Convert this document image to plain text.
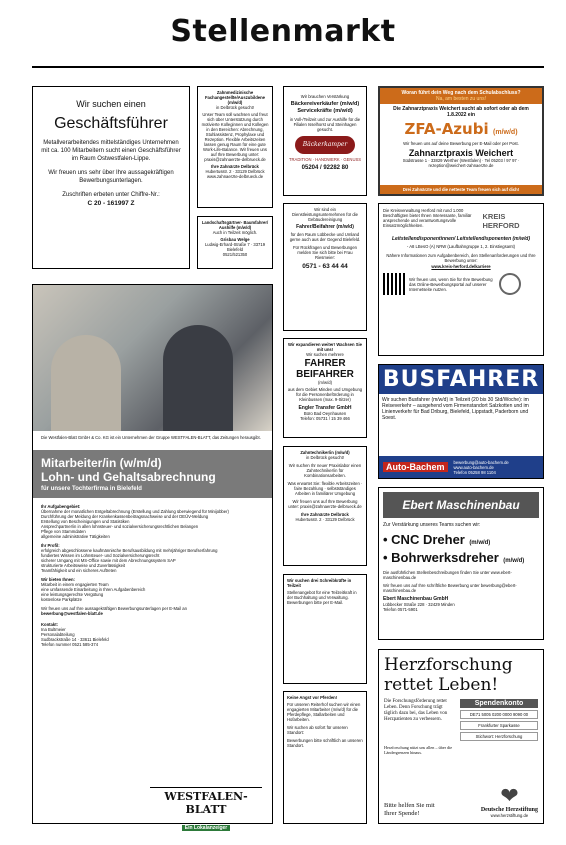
Stellenmarkt

Wir suchen einen

Geschäftsführer

Metallverarbeitendes mittelständiges Unternehmen mit ca. 100 Mitarbeitern sucht einen Geschäftsführer im Raum Ostwestfalen-Lippe.

Wir freuen uns sehr über Ihre aussagekräftigen Bewerbungsunterlagen.

Zuschriften erbeten unter Chiffre-Nr.:

C 20 - 161997 Z

Zahnmedizinische Fachangestellte/Auszubildene (m/w/d)

in Delbrück gesucht!

Unser Team soll wachsen und freut sich über Unterstützung durch motivierte Kolleginnen und Kollegen in den Bereichen: Abrechnung, Stuhlassistenz, Prophylaxe und Rezeption. Flexible Arbeitszeiten lassen genug Raum für eine gute Work-Life-Balance. Wir freuen uns auf Ihre Bewerbung unter: praxis@zahnaerzte-delbrueck.de

Ihre Zahnärzte Delbrück

Hubertusstr. 2 · 33129 Delbrück

www.zahnaerzte-delbrueck.de

Landschaftsgärtner- Baumfahrer/ Aushilfe (m/w/d)

Auch in Teilzeit möglich.

Grisbau Welge

Ludwig-Erhard-Straße 7 · 33719 Bielefeld

0521/521350

Wir brauchen Verstärkung

Bäckereiverkäufer (m/w/d) Servicekräfte (m/w/d)

in Voll-/Teilzeit und zur Aushilfe für die Filialen Isselhorst und Steinhagen gesucht.

Bäckerkamper

TRADITION · HANDWERK · GENUSS

05204 / 92282 80

Woran führt dein Weg nach dem Schulabschluss?

Na, am besten zu uns!

Die Zahnarztpraxis Weichert sucht ab sofort oder ab dem 1.8.2022 ein

ZFA-Azubi (m/w/d)

Wir freuen uns auf deine Bewerbung per E-Mail oder per Post.

Zahnarztpraxis Weichert

Südstrasse 1 · 33829 Werther (Westfalen) · Tel 05203 / 97 97 · rezeption@weichert-zahnaerzte.de

Drei Zahnärzte und die netteste Team freuen sich auf dich!

Wir sind ein Dienstleistungsunternehmen für die Gebäudereinigung

Fahrer/Beifahrer (m/w/d)

für den Raum Lübbecke und Umland gerne auch aus der Gegend Bielefeld.

Für Rückfragen und Bewerbungen melden Sie sich bitte bei Frau Riesmeier:

0571 - 63 44 44

Die Kreisverwaltung Herford mit rund 1.000 Beschäftigten bietet Ihnen Interessante, familiär ansprechende und verantwortungsvolle Einsatzmöglichkeiten.

KREIS HERFORD

Leitstellendisponentinnen/ Leitstellendisponenten (m/w/d)

- A8 LBesO (A) NRW (Laufbahngruppe 1, 2. Einstiegsamt)

Nähere Informationen zum Aufgabenbereich, den Stellenanforderungen und Ihre Bewerbung unter:

www.kreis-herford.de/karriere

Wir freuen uns, wenn Sie für Ihre Bewerbung das Online-Bewerbungsportal auf unserer Internetseite nutzen.

Wir expandieren weiter! Wachsen Sie mit uns!

Wir suchen mehrere

FAHRER

BEIFAHRER

(m/w/d)

aus dem Gebiet Minden und Umgebung für die Personenbeförderung in Kleinbussen (max. 9-Sitzer)

Engler Transfer GmbH

Büro Bad Oeynhausen

Telefon: 05731 / 15 39 466

Die Westfalen-Blatt GmbH & Co. KG ist ein Unternehmen der Gruppe WESTFALEN-BLATT, das Zeitungen herausgibt.

Mitarbeiter/in (w/m/d)

Lohn- und Gehaltsabrechnung

für unsere Tochterfirma in Bielefeld

Ihr Aufgabengebiet:

Übernahme der monatlichen Entgeltabrechnung (Erstellung und Zahlung überwiegend für Minijobber)

Durchführung der Meldung der Krankenkassenbeitragsnachweise und der DEÜV-Meldung

Erstellung von Bescheinigungen und Statistiken

Ansprechpartner/in in allen lohnsteuer- und sozialversicherungsrechtlichen Belangen

Pflege von Stammdaten

allgemeine administrative Tätigkeiten

Ihr Profil:

erfolgreich abgeschlossene kaufmännische Berufsausbildung mit mehrjähriger Berufserfahrung

fundiertes Wissen im Lohnsteuer- und Sozialversicherungsrecht

sicherer Umgang mit MS-Office sowie mit dem Abrechnungssystem SAP

strukturierte Arbeitsweise und Zuverlässigkeit

Teamfähigkeit und ein sicheres Auftreten

Wir bieten Ihnen:

Mitarbeit in einem engagierten Team

eine umfassende Einarbeitung in Ihren Aufgabenbereich

eine leistungsgerechte Vergütung

kostenlose Parkplätze

Wir freuen uns auf Ihre aussagekräftigen Bewerbungsunterlagen per E-Mail an

bewerbung@westfalen-blatt.de

Kontakt:

Ina Bultmeier

Personalabteilung

Sudbrackstraße 14 · 33611 Bielefeld

Telefon nummer 0521 585-374

WESTFALEN-BLATT

Ein Lokalanzeiger

Zahntechniker/in (m/w/d)

in Delbrück gesucht!

Wir suchen Ihr neuer Praxislabor einen Zahntechniker/in für Kombinationsarbeiten.

Was erwartet Sie: flexible Arbeitszeiten · faire Bezahlung · selbstständiges Arbeiten in familiärer Umgebung

Wir freuen uns auf Ihre Bewerbung unter: praxis@zahnaerzte-delbrueck.de

Ihre Zahnärzte Delbrück

Hubertusstr. 2 · 33129 Delbrück

BUSFAHRER

Wir suchen Busfahrer (m/w/d) in Teilzeit (20 bis 30 Std/Woche): im Reiseverkehr – ausgehend vom Firmenstandort Salzkotten und im Linienverkehr für Bad Driburg, Bielefeld, Lippstadt, Paderborn und Soest.

Auto-Bachem	bewerbung@auto-bachem.de

www.auto-bachem.de

Telefon 05258 98 1104

Ebert Maschinenbau

Zur Verstärkung unseres Teams suchen wir:

• CNC Dreher (m/w/d)
• Bohrwerksdreher (m/w/d)

Die ausführlichen Stellenbeschreibungen finden Sie unter www.ebert-maschinenbau.de

Wir freuen uns auf Ihre schriftliche Bewerbung unter bewerbung@ebert-maschinenbau.de

Ebert Maschinenbau GmbH

Lübbecker Straße 228 · 32429 Minden

Telefon 0571-5901

Wir suchen drei Schreibkräfte in Teilzeit

Stellenangebot für eine Teilzeitkraft in der Buchhaltung und Verwaltung. Bewerbungen bitte per E-Mail.

Keine Angst vor Pferden!

Für unseren Reiterhof suchen wir einen engagierten Mitarbeiter (m/w/d) für die Pferdepflege, Stallarbeiten und Hofarbeiten.

Wir suchen ab sofort für unseren Standort:

Bewerbungen bitte schriftlich an unseren Standort.

Herzforschung rettet Leben!

Die Forschungsförderung rettet Leben. Denn Forschung trägt täglich dazu bei, das Leben von Herzpatienten zu verbessern.

Spendenkonto

DE71 5005 0200 0000 9090 00

Frankfurter Sparkasse

Stichwort: Herzforschung

Herzforschung nützt uns allen – über die Ländergrenzen hinaus.

Bitte helfen Sie mit Ihrer Spende!

❤

Deutsche Herzstiftung

www.herzstiftung.de
